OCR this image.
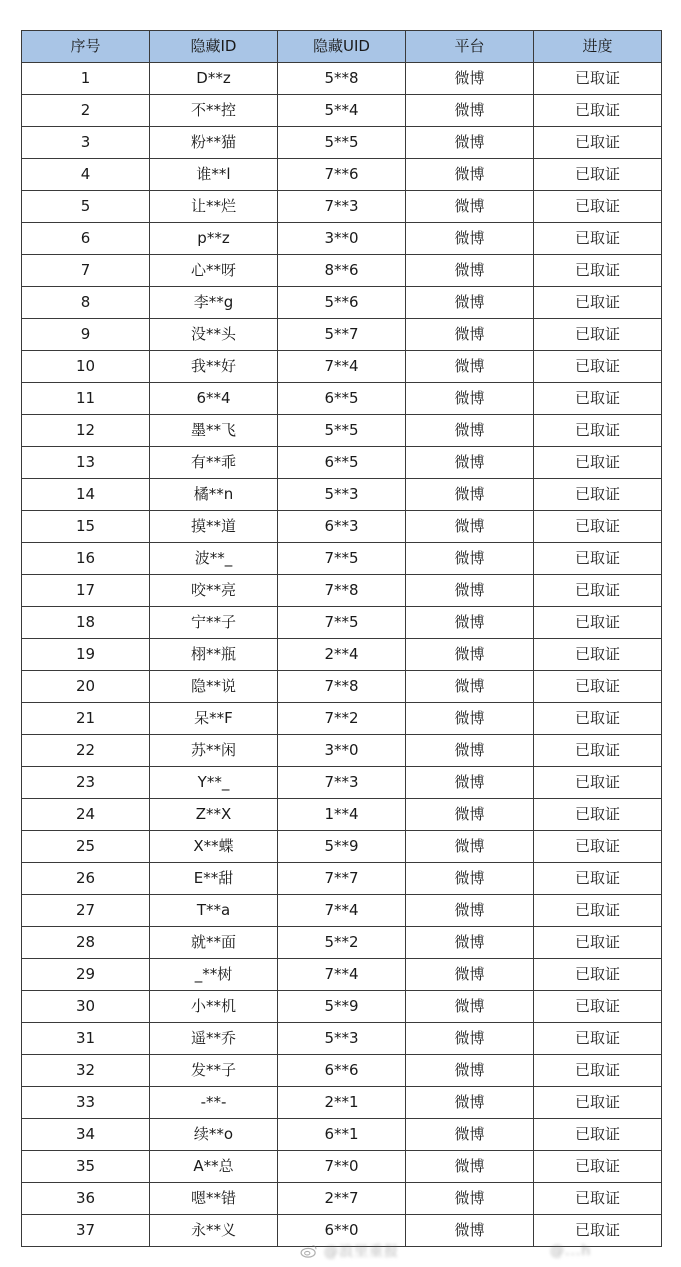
序号	隐藏ID	隐藏UID	平台	进度
1	D**z	5**8	微博	已取证
2	不**控	5**4	微博	已取证
3	粉**猫	5**5	微博	已取证
4	谁**l	7**6	微博	已取证
5	让**烂	7**3	微博	已取证
6	p**z	3**0	微博	已取证
7	心**呀	8**6	微博	已取证
8	李**g	5**6	微博	已取证
9	没**头	5**7	微博	已取证
10	我**好	7**4	微博	已取证
11	6**4	6**5	微博	已取证
12	墨**飞	5**5	微博	已取证
13	有**乖	6**5	微博	已取证
14	橘**n	5**3	微博	已取证
15	摸**道	6**3	微博	已取证
16	波**_	7**5	微博	已取证
17	咬**亮	7**8	微博	已取证
18	宁**子	7**5	微博	已取证
19	栩**瓶	2**4	微博	已取证
20	隐**说	7**8	微博	已取证
21	呆**F	7**2	微博	已取证
22	苏**闲	3**0	微博	已取证
23	Y**_	7**3	微博	已取证
24	Z**X	1**4	微博	已取证
25	X**蝶	5**9	微博	已取证
26	E**甜	7**7	微博	已取证
27	T**a	7**4	微博	已取证
28	就**面	5**2	微博	已取证
29	_**树	7**4	微博	已取证
30	小**机	5**9	微博	已取证
31	遥**乔	5**3	微博	已取证
32	发**子	6**6	微博	已取证
33	-**-	2**1	微博	已取证
34	续**o	6**1	微博	已取证
35	A**总	7**0	微博	已取证
36	嗯**错	2**7	微博	已取证
37	永**义	6**0	微博	已取证
@浪里重报	@...h
